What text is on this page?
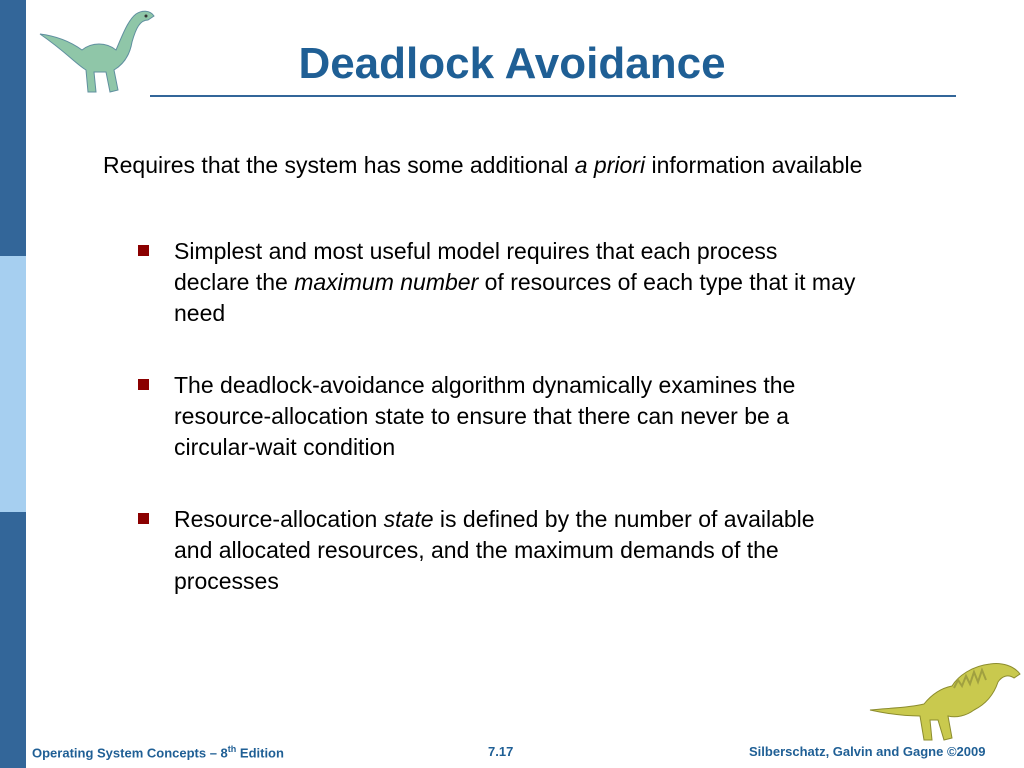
Deadlock Avoidance
Requires that the system has some additional a priori information available
Simplest and most useful model requires that each process declare the maximum number of resources of each type that it may need
The deadlock-avoidance algorithm dynamically examines the resource-allocation state to ensure that there can never be a circular-wait condition
Resource-allocation state is defined by the number of available and allocated resources, and the maximum demands of the processes
Operating System Concepts – 8th Edition	7.17	Silberschatz, Galvin and Gagne ©2009
